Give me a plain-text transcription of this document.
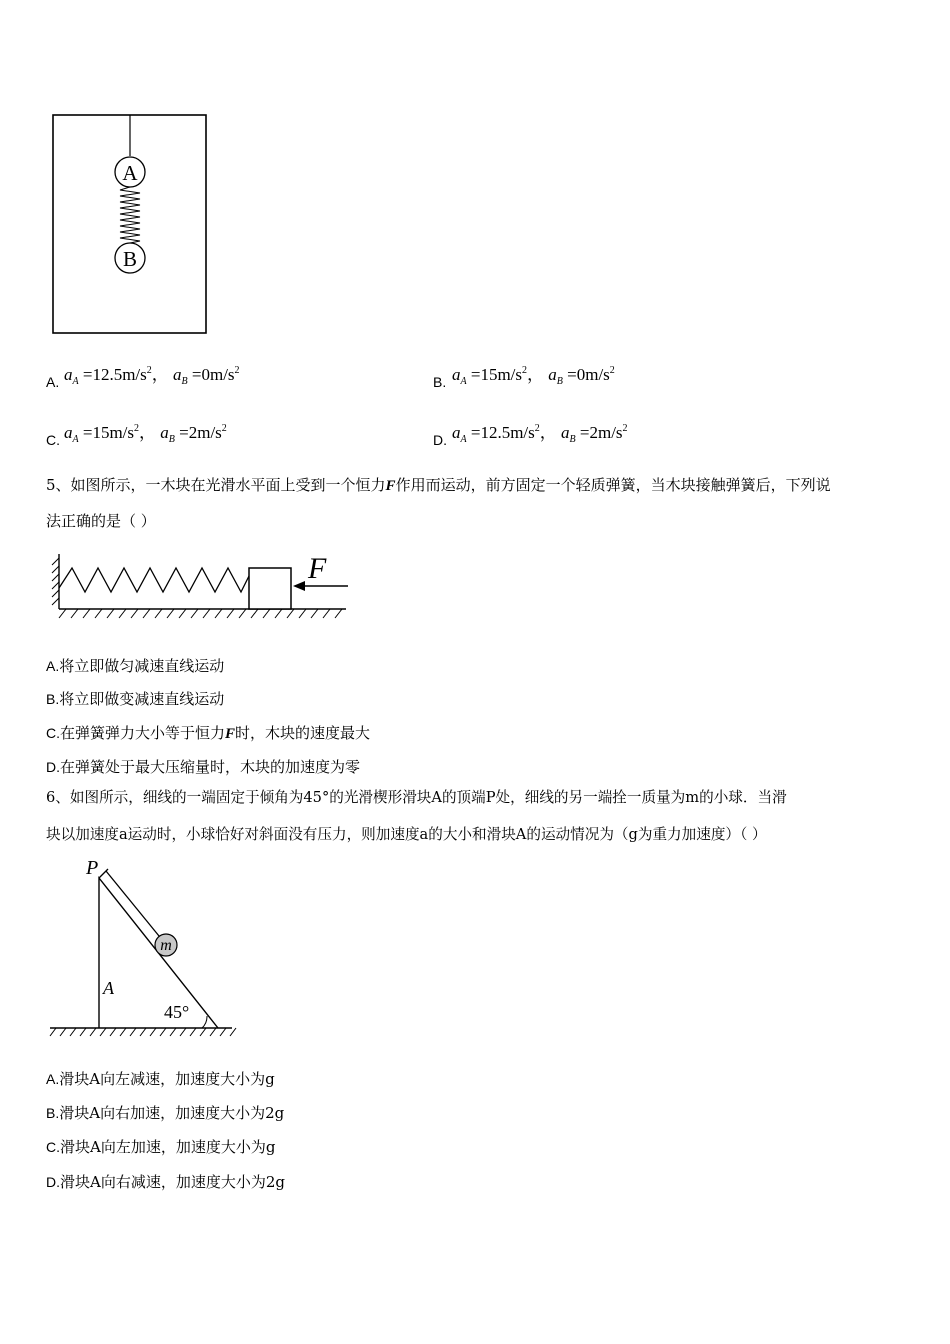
A
B
A. $a_A =12.5m/s^2$， $a_B =0m/s^2$
B. $a_A =15m/s^2$， $a_B =0m/s^2$
C. $a_A =15m/s^2$， $a_B =2m/s^2$
D. $a_A =12.5m/s^2$， $a_B =2m/s^2$
5、如图所示，一木块在光滑水平面上受到一个恒力F作用而运动，前方固定一个轻质弹簧，当木块接触弹簧后，下列说
法正确的是（ ）
F
A.将立即做匀减速直线运动
B.将立即做变减速直线运动
C.在弹簧弹力大小等于恒力F时，木块的速度最大
D.在弹簧处于最大压缩量时，木块的加速度为零
6、如图所示，细线的一端固定于倾角为45°的光滑楔形滑块A的顶端P处，细线的另一端拴一质量为m的小球．当滑
块以加速度a运动时，小球恰好对斜面没有压力，则加速度a的大小和滑块A的运动情况为（g为重力加速度）（ ）
m
45°
P
A
A.滑块A向左减速，加速度大小为g
B.滑块A向右加速，加速度大小为2g
C.滑块A向左加速，加速度大小为g
D.滑块A向右减速，加速度大小为2g
